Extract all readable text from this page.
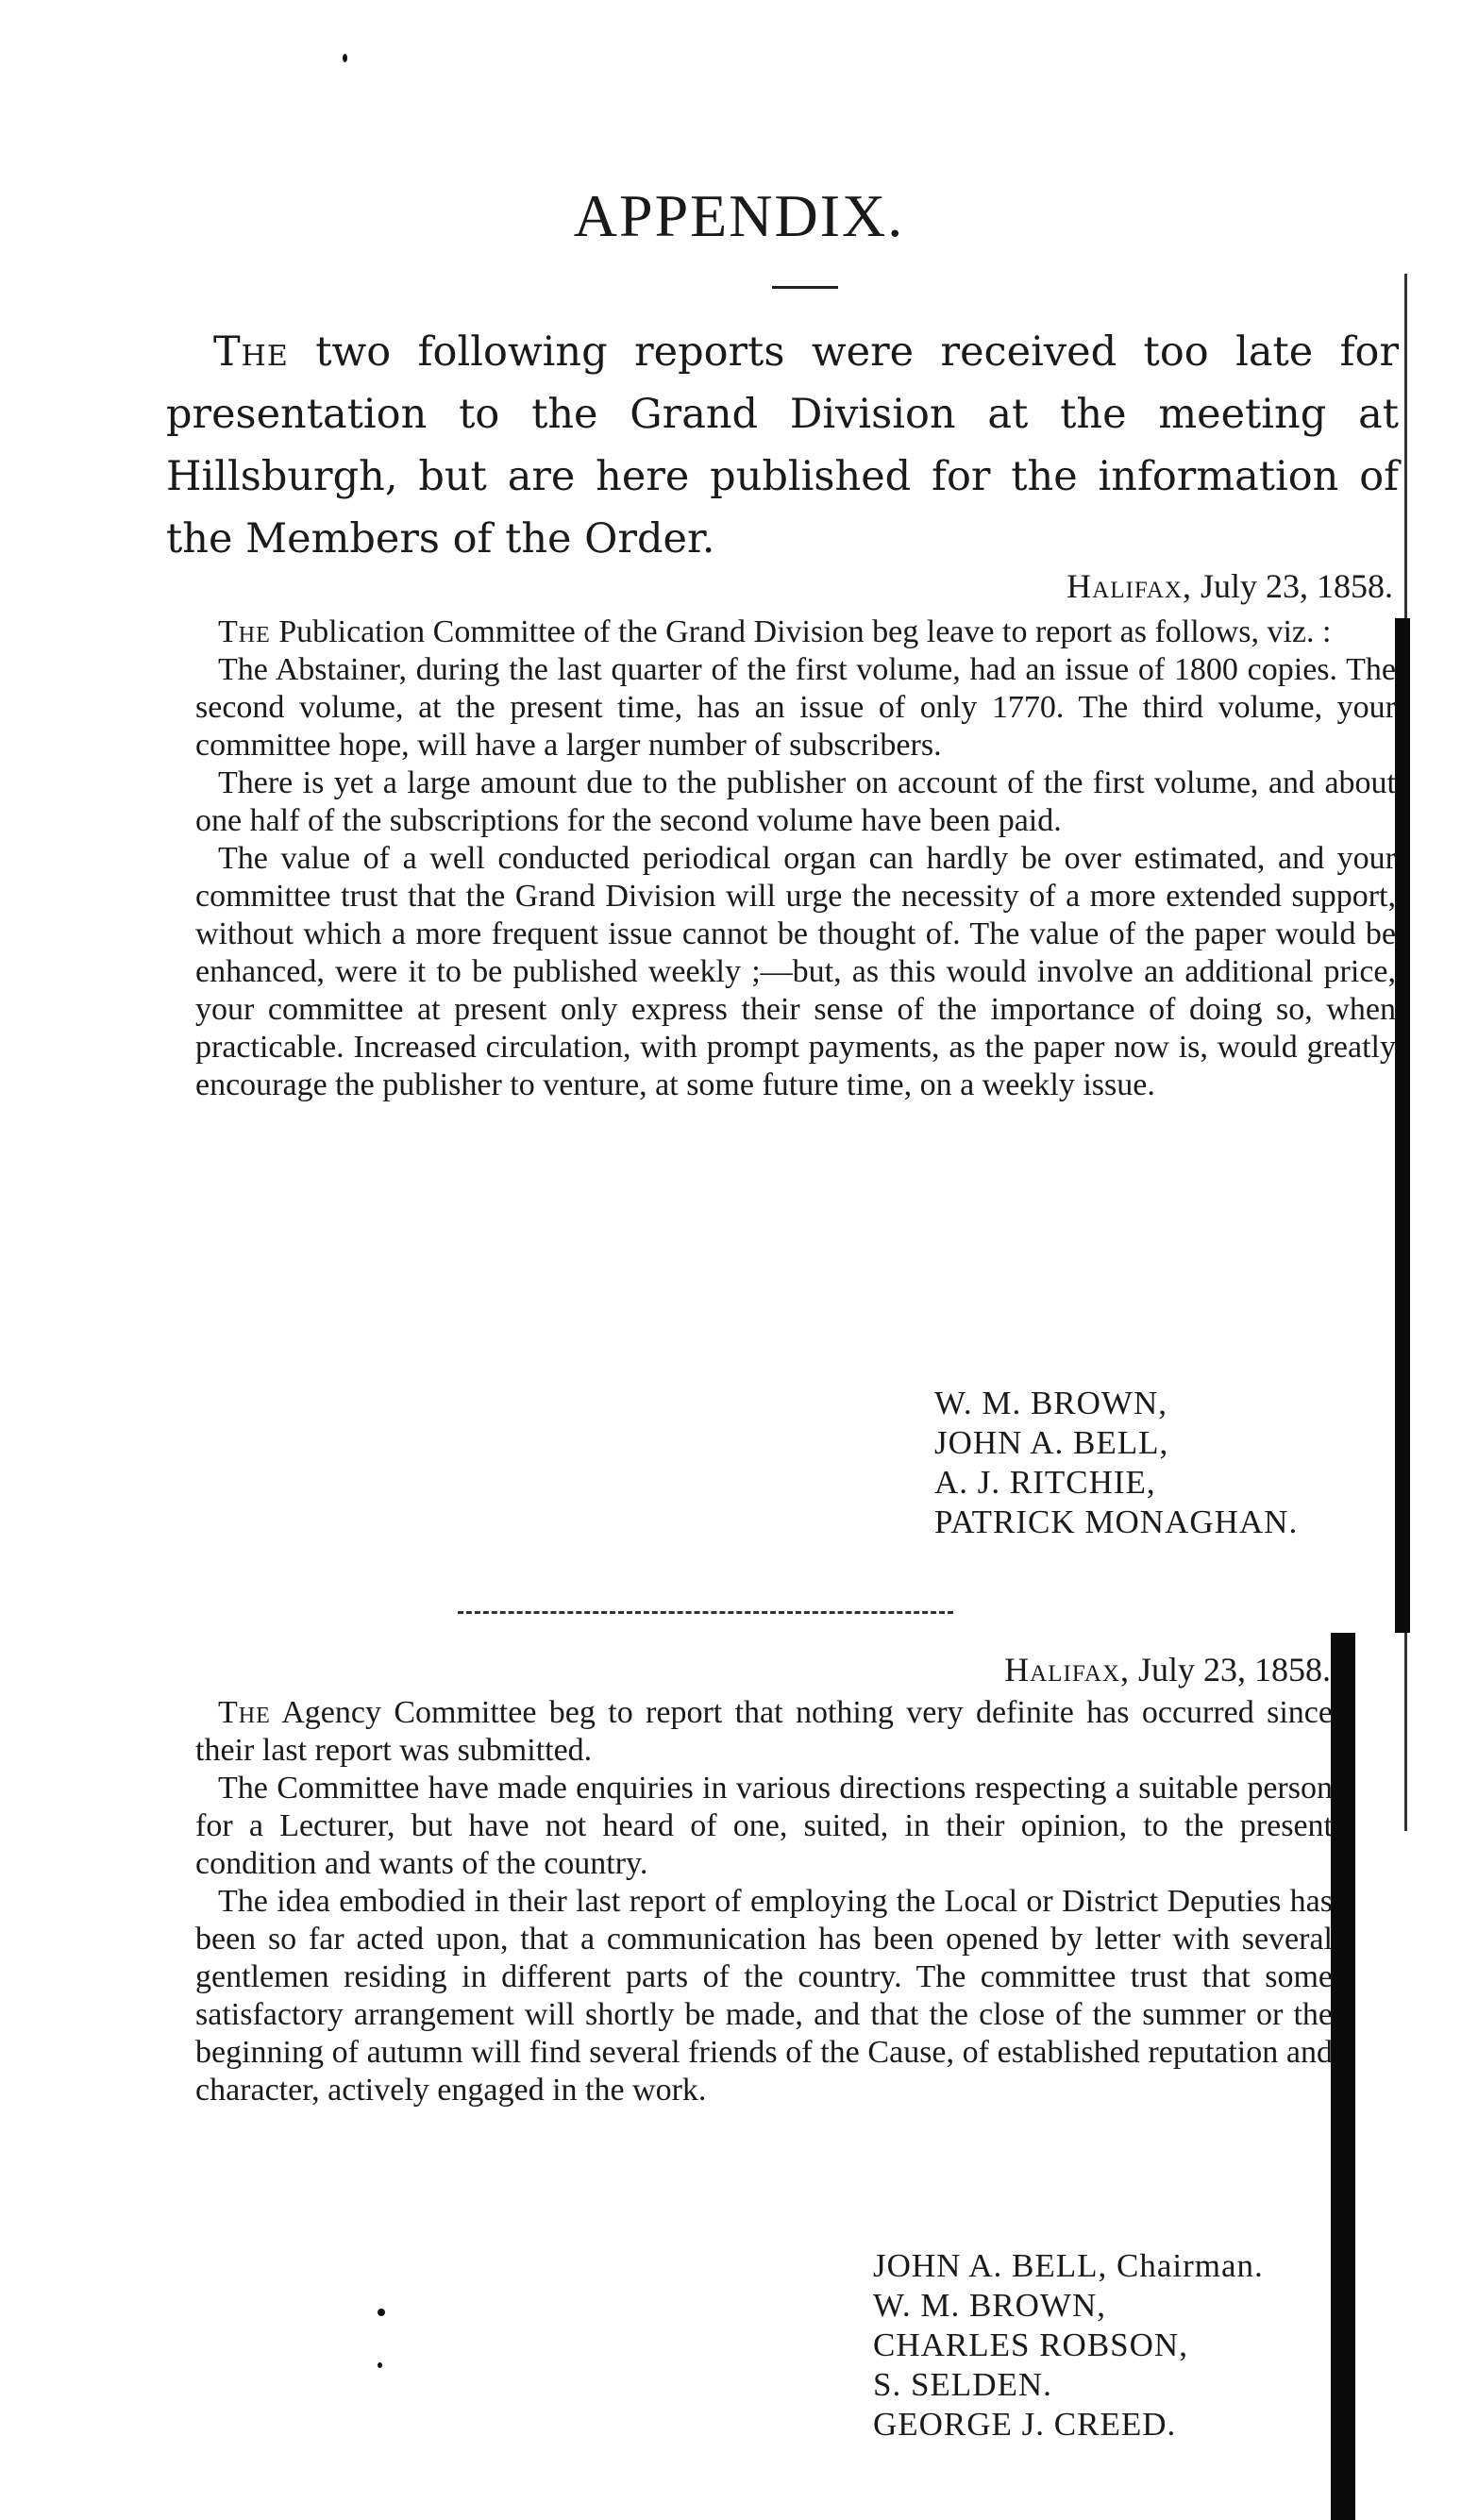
APPENDIX.

The two following reports were received too late for presentation to the Grand Division at the meeting at Hillsburgh, but are here published for the information of the Members of the Order.

Halifax, July 23, 1858.

The Publication Committee of the Grand Division beg leave to report as follows, viz. :

The Abstainer, during the last quarter of the first volume, had an issue of 1800 copies. The second volume, at the present time, has an issue of only 1770. The third volume, your committee hope, will have a larger number of subscribers.

There is yet a large amount due to the publisher on account of the first volume, and about one half of the subscriptions for the second volume have been paid.

The value of a well conducted periodical organ can hardly be over estimated, and your committee trust that the Grand Division will urge the necessity of a more extended support, without which a more frequent issue cannot be thought of. The value of the paper would be enhanced, were it to be published weekly ;—but, as this would involve an additional price, your committee at present only express their sense of the importance of doing so, when practicable. Increased circulation, with prompt payments, as the paper now is, would greatly encourage the publisher to venture, at some future time, on a weekly issue.

W. M. BROWN,
JOHN A. BELL,
A. J. RITCHIE,
PATRICK MONAGHAN.
Halifax, July 23, 1858.

The Agency Committee beg to report that nothing very definite has occurred since their last report was submitted.

The Committee have made enquiries in various directions respecting a suitable person for a Lecturer, but have not heard of one, suited, in their opinion, to the present condition and wants of the country.

The idea embodied in their last report of employing the Local or District Deputies has been so far acted upon, that a communication has been opened by letter with several gentlemen residing in different parts of the country. The committee trust that some satisfactory arrangement will shortly be made, and that the close of the summer or the beginning of autumn will find several friends of the Cause, of established reputation and character, actively engaged in the work.

JOHN A. BELL, Chairman.
W. M. BROWN,
CHARLES ROBSON,
S. SELDEN.
GEORGE J. CREED.
